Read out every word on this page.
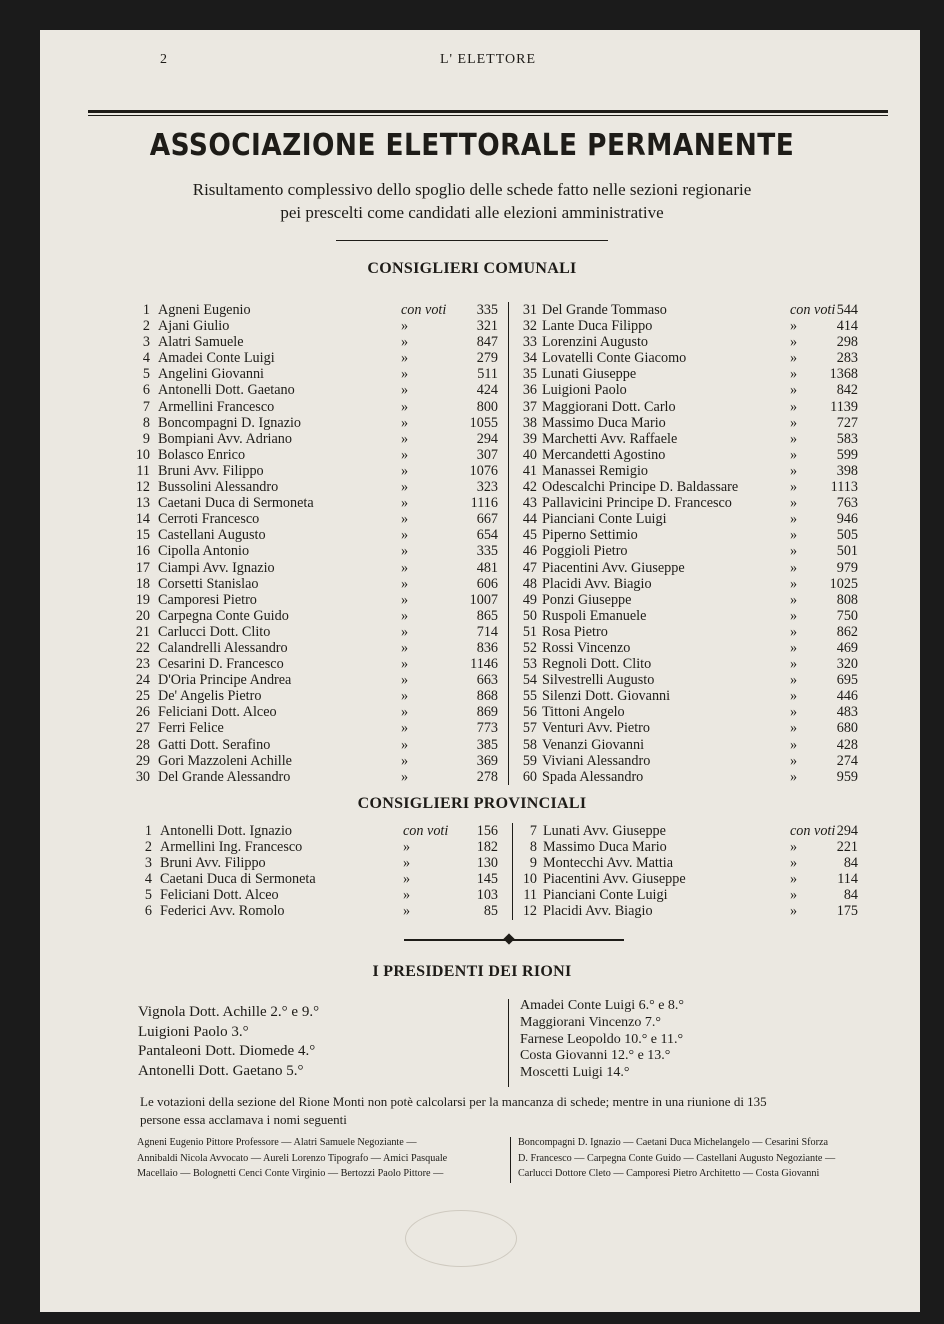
2	L' ELETTORE
ASSOCIAZIONE ELETTORALE PERMANENTE
Risultamento complessivo dello spoglio delle schede fatto nelle sezioni regionarie
pei prescelti come candidati alle elezioni amministrative
CONSIGLIERI COMUNALI
1 Agneni Eugenio	con voti	335
2 Ajani Giulio	»	321
3 Alatri Samuele	»	847
4 Amadei Conte Luigi	»	279
5 Angelini Giovanni	»	511
6 Antonelli Dott. Gaetano	»	424
7 Armellini Francesco	»	800
8 Boncompagni D. Ignazio	»	1055
9 Bompiani Avv. Adriano	»	294
10 Bolasco Enrico	»	307
11 Bruni Avv. Filippo	»	1076
12 Bussolini Alessandro	»	323
13 Caetani Duca di Sermoneta	»	1116
14 Cerroti Francesco	»	667
15 Castellani Augusto	»	654
16 Cipolla Antonio	»	335
17 Ciampi Avv. Ignazio	»	481
18 Corsetti Stanislao	»	606
19 Camporesi Pietro	»	1007
20 Carpegna Conte Guido	»	865
21 Carlucci Dott. Clito	»	714
22 Calandrelli Alessandro	»	836
23 Cesarini D. Francesco	»	1146
24 D'Oria Principe Andrea	»	663
25 De' Angelis Pietro	»	868
26 Feliciani Dott. Alceo	»	869
27 Ferri Felice	»	773
28 Gatti Dott. Serafino	»	385
29 Gori Mazzoleni Achille	»	369
30 Del Grande Alessandro	»	278
31 Del Grande Tommaso	con voti 544
32 Lante Duca Filippo	»	414
33 Lorenzini Augusto	»	298
34 Lovatelli Conte Giacomo	»	283
35 Lunati Giuseppe	»	1368
36 Luigioni Paolo	»	842
37 Maggiorani Dott. Carlo	»	1139
38 Massimo Duca Mario	»	727
39 Marchetti Avv. Raffaele	»	583
40 Mercandetti Agostino	»	599
41 Manassei Remigio	»	398
42 Odescalchi Principe D. Baldassare	»	1113
43 Pallavicini Principe D. Francesco	»	763
44 Pianciani Conte Luigi	»	946
45 Piperno Settimio	»	505
46 Poggioli Pietro	»	501
47 Piacentini Avv. Giuseppe	»	979
48 Placidi Avv. Biagio	»	1025
49 Ponzi Giuseppe	»	808
50 Ruspoli Emanuele	»	750
51 Rosa Pietro	»	862
52 Rossi Vincenzo	»	469
53 Regnoli Dott. Clito	»	320
54 Silvestrelli Augusto	»	695
55 Silenzi Dott. Giovanni	»	446
56 Tittoni Angelo	»	483
57 Venturi Avv. Pietro	»	680
58 Venanzi Giovanni	»	428
59 Viviani Alessandro	»	274
60 Spada Alessandro	»	959
CONSIGLIERI PROVINCIALI
1 Antonelli Dott. Ignazio	con voti	156
2 Armellini Ing. Francesco	»	182
3 Bruni Avv. Filippo	»	130
4 Caetani Duca di Sermoneta	»	145
5 Feliciani Dott. Alceo	»	103
6 Federici Avv. Romolo	»	85
7 Lunati Avv. Giuseppe	con voti 294
8 Massimo Duca Mario	»	221
9 Montecchi Avv. Mattia	»	84
10 Piacentini Avv. Giuseppe	»	114
11 Pianciani Conte Luigi	»	84
12 Placidi Avv. Biagio	»	175
I PRESIDENTI DEI RIONI
Vignola Dott. Achille 2.° e 9.°
Luigioni Paolo 3.°
Pantaleoni Dott. Diomede 4.°
Antonelli Dott. Gaetano 5.°
Amadei Conte Luigi 6.° e 8.°
Maggiorani Vincenzo 7.°
Farnese Leopoldo 10.° e 11.°
Costa Giovanni 12.° e 13.°
Moscetti Luigi 14.°
Le votazioni della sezione del Rione Monti non potè calcolarsi per la mancanza di schede; mentre in una riunione di 135
persone essa acclamava i nomi seguenti
Agneni Eugenio Pittore Professore — Alatri Samuele Negoziante —
Annibaldi Nicola Avvocato — Aureli Lorenzo Tipografo — Amici Pasquale
Macellaio — Bolognetti Cenci Conte Virginio — Bertozzi Paolo Pittore —
Boncompagni D. Ignazio — Caetani Duca Michelangelo — Cesarini Sforza
D. Francesco — Carpegna Conte Guido — Castellani Augusto Negoziante —
Carlucci Dottore Cleto — Camporesi Pietro Architetto — Costa Giovanni
